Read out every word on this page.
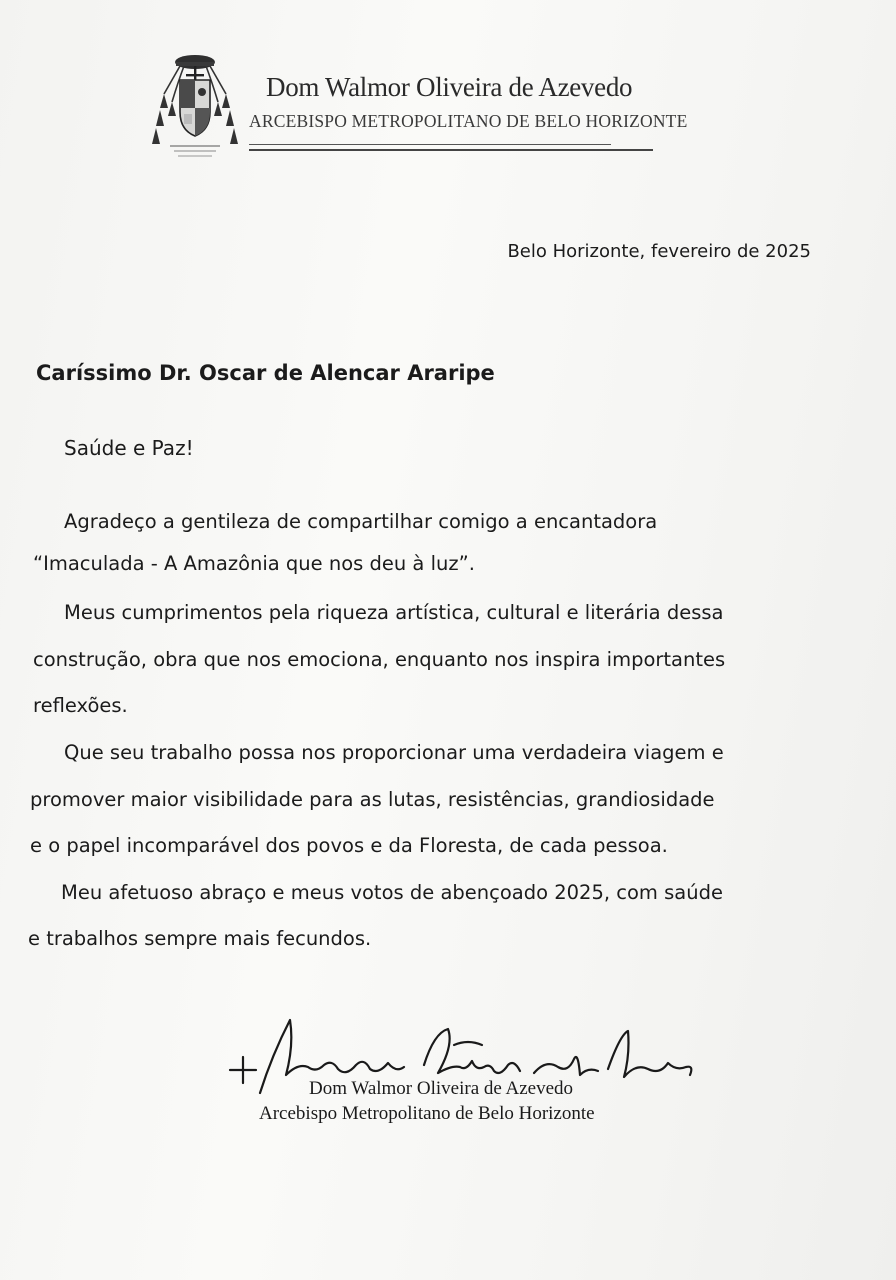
Dom Walmor Oliveira de Azevedo
ARCEBISPO METROPOLITANO DE BELO HORIZONTE
Belo Horizonte, fevereiro de 2025
Caríssimo Dr. Oscar de Alencar Araripe
Saúde e Paz!
Agradeço a gentileza de compartilhar comigo a encantadora
“Imaculada - A Amazônia que nos deu à luz”.
Meus cumprimentos pela riqueza artística, cultural e literária dessa
construção, obra que nos emociona, enquanto nos inspira importantes
reflexões.
Que seu trabalho possa nos proporcionar uma verdadeira viagem e
promover maior visibilidade para as lutas, resistências, grandiosidade
e o papel incomparável dos povos e da Floresta, de cada pessoa.
Meu afetuoso abraço e meus votos de abençoado 2025, com saúde
e trabalhos sempre mais fecundos.
Dom Walmor Oliveira de Azevedo
Arcebispo Metropolitano de Belo Horizonte
